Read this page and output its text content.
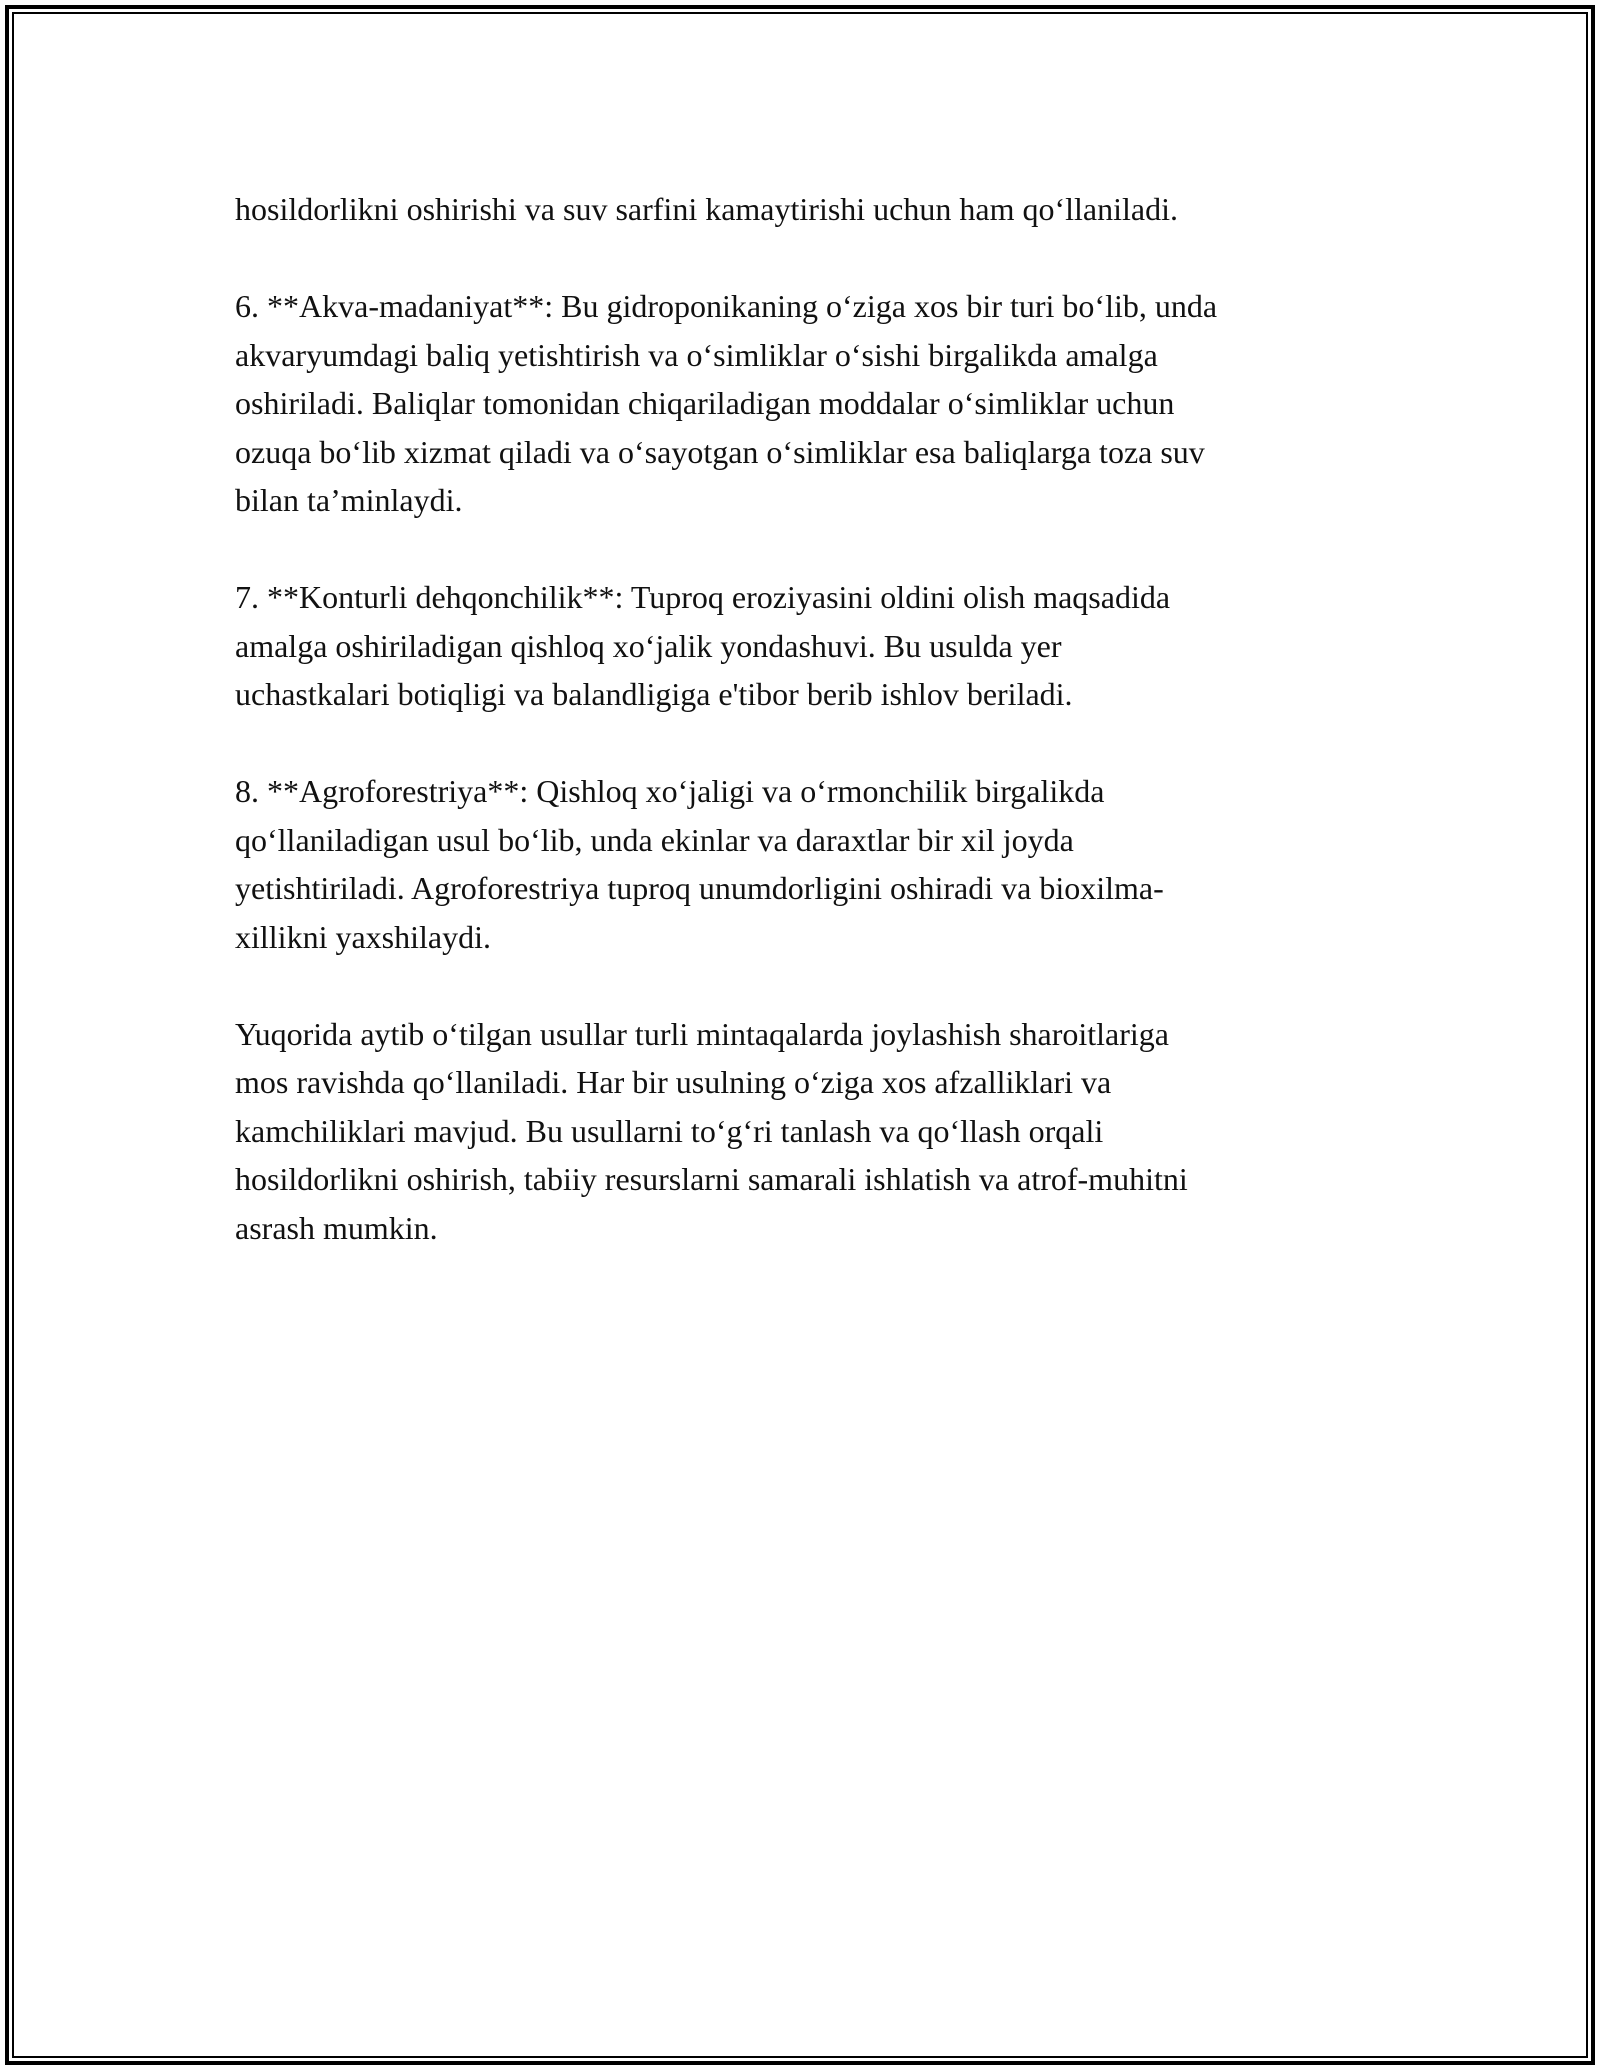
hosildorlikni oshirishi va suv sarfini kamaytirishi uchun ham qo‘llaniladi.

6. **Akva-madaniyat**: Bu gidroponikaning o‘ziga xos bir turi bo‘lib, unda
akvaryumdagi baliq yetishtirish va o‘simliklar o‘sishi birgalikda amalga
oshiriladi. Baliqlar tomonidan chiqariladigan moddalar o‘simliklar uchun
ozuqa bo‘lib xizmat qiladi va o‘sayotgan o‘simliklar esa baliqlarga toza suv
bilan ta’minlaydi.

7. **Konturli dehqonchilik**: Tuproq eroziyasini oldini olish maqsadida
amalga oshiriladigan qishloq xo‘jalik yondashuvi. Bu usulda yer
uchastkalari botiqligi va balandligiga e'tibor berib ishlov beriladi.

8. **Agroforestriya**: Qishloq xo‘jaligi va o‘rmonchilik birgalikda
qo‘llaniladigan usul bo‘lib, unda ekinlar va daraxtlar bir xil joyda
yetishtiriladi. Agroforestriya tuproq unumdorligini oshiradi va bioxilma-
xillikni yaxshilaydi.

Yuqorida aytib o‘tilgan usullar turli mintaqalarda joylashish sharoitlariga
mos ravishda qo‘llaniladi. Har bir usulning o‘ziga xos afzalliklari va
kamchiliklari mavjud. Bu usullarni to‘g‘ri tanlash va qo‘llash orqali
hosildorlikni oshirish, tabiiy resurslarni samarali ishlatish va atrof-muhitni
asrash mumkin.
